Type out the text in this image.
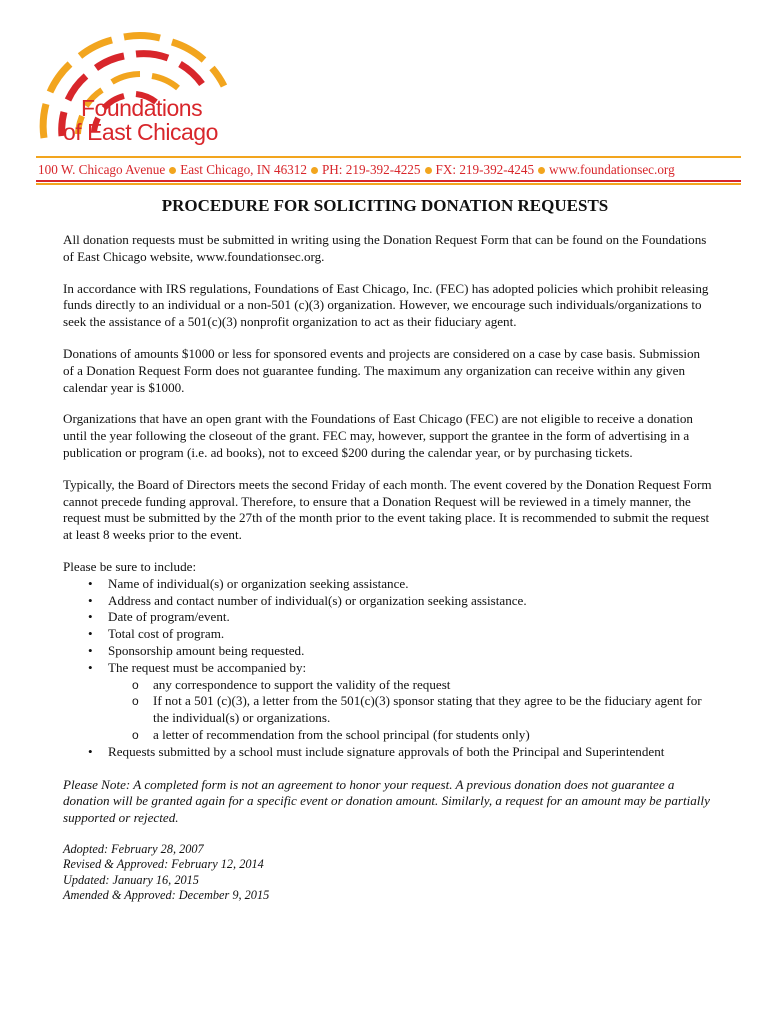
Foundations
of East Chicago
100 W. Chicago Avenue East Chicago, IN 46312 PH: 219-392-4225 FX: 219-392-4245 www.foundationsec.org
PROCEDURE FOR SOLICITING DONATION REQUESTS

All donation requests must be submitted in writing using the Donation Request Form that can be found on the Foundations of East Chicago website, www.foundationsec.org.

In accordance with IRS regulations, Foundations of East Chicago, Inc. (FEC) has adopted policies which prohibit releasing funds directly to an individual or a non-501 (c)(3) organization. However, we encourage such individuals/organizations to seek the assistance of a 501(c)(3) nonprofit organization to act as their fiduciary agent.

Donations of amounts $1000 or less for sponsored events and projects are considered on a case by case basis. Submission of a Donation Request Form does not guarantee funding. The maximum any organization can receive within any given calendar year is $1000.

Organizations that have an open grant with the Foundations of East Chicago (FEC) are not eligible to receive a donation until the year following the closeout of the grant. FEC may, however, support the grantee in the form of advertising in a publication or program (i.e. ad books), not to exceed $200 during the calendar year, or by purchasing tickets.

Typically, the Board of Directors meets the second Friday of each month. The event covered by the Donation Request Form cannot precede funding approval. Therefore, to ensure that a Donation Request will be reviewed in a timely manner, the request must be submitted by the 27th of the month prior to the event taking place. It is recommended to submit the request at least 8 weeks prior to the event.

Please be sure to include:

• Name of individual(s) or organization seeking assistance.
• Address and contact number of individual(s) or organization seeking assistance.
• Date of program/event.
• Total cost of program.
• Sponsorship amount being requested.
• The request must be accompanied by:
o any correspondence to support the validity of the request
o If not a 501 (c)(3), a letter from the 501(c)(3) sponsor stating that they agree to be the fiduciary agent for the individual(s) or organizations.
o a letter of recommendation from the school principal (for students only)
• Requests submitted by a school must include signature approvals of both the Principal and Superintendent

Please Note: A completed form is not an agreement to honor your request. A previous donation does not guarantee a donation will be granted again for a specific event or donation amount. Similarly, a request for an amount may be partially supported or rejected.

Adopted: February 28, 2007
Revised & Approved: February 12, 2014
Updated: January 16, 2015
Amended & Approved: December 9, 2015
